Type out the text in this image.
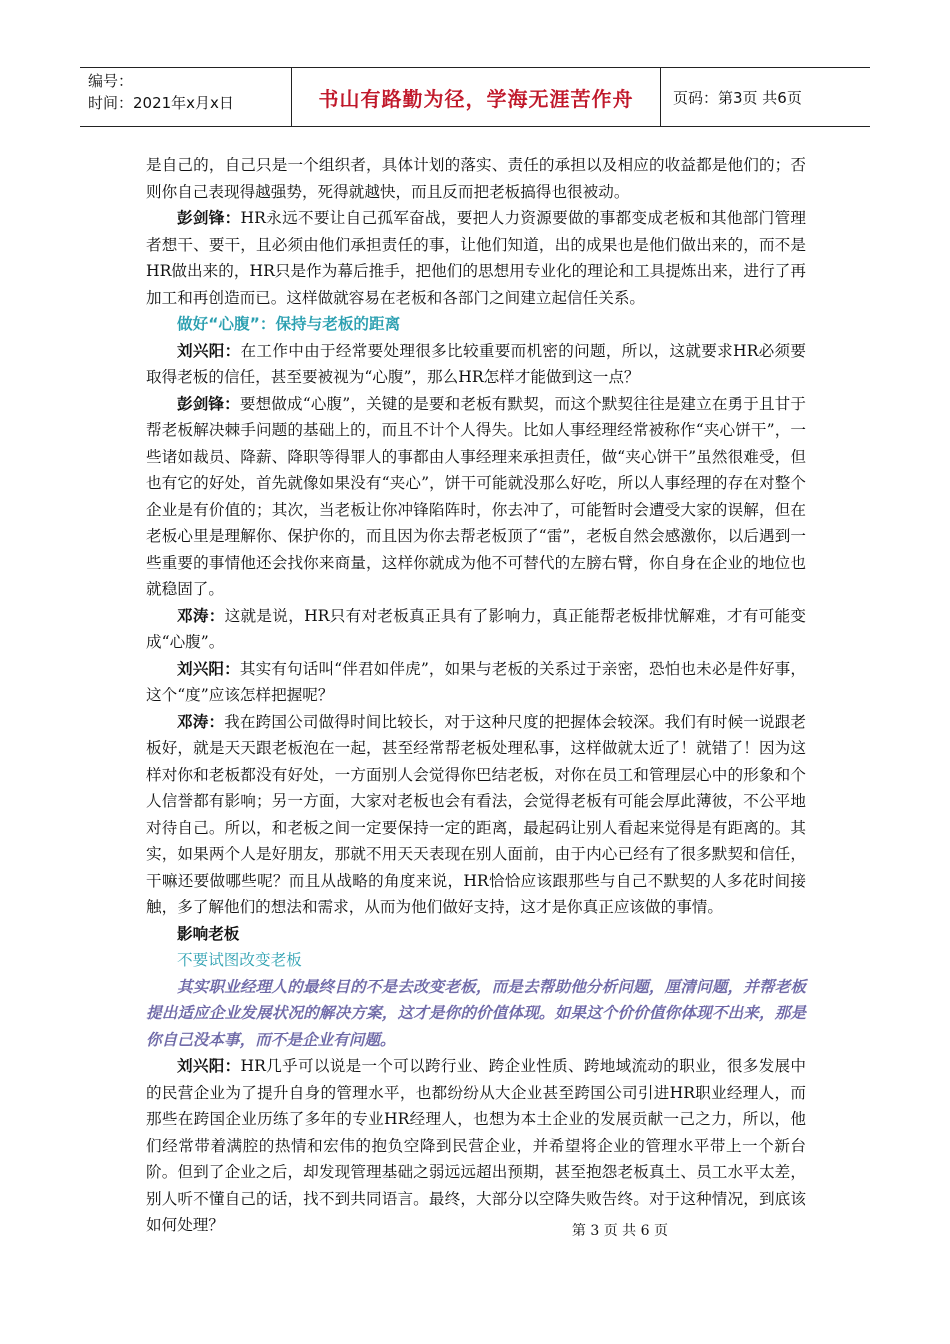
编号：
时间：2021年x月x日	书山有路勤为径，学海无涯苦作舟	页码：第3页 共6页

是自己的，自己只是一个组织者，具体计划的落实、责任的承担以及相应的收益都是他们的；否则你自己表现得越强势，死得就越快，而且反而把老板搞得也很被动。

彭剑锋：HR永远不要让自己孤军奋战，要把人力资源要做的事都变成老板和其他部门管理者想干、要干，且必须由他们承担责任的事，让他们知道，出的成果也是他们做出来的，而不是HR做出来的，HR只是作为幕后推手，把他们的思想用专业化的理论和工具提炼出来，进行了再加工和再创造而已。这样做就容易在老板和各部门之间建立起信任关系。

做好“心腹”：保持与老板的距离

刘兴阳：在工作中由于经常要处理很多比较重要而机密的问题，所以，这就要求HR必须要取得老板的信任，甚至要被视为“心腹”，那么HR怎样才能做到这一点？

彭剑锋：要想做成“心腹”，关键的是要和老板有默契，而这个默契往往是建立在勇于且甘于帮老板解决棘手问题的基础上的，而且不计个人得失。比如人事经理经常被称作“夹心饼干”，一些诸如裁员、降薪、降职等得罪人的事都由人事经理来承担责任，做“夹心饼干”虽然很难受，但也有它的好处，首先就像如果没有“夹心”，饼干可能就没那么好吃，所以人事经理的存在对整个企业是有价值的；其次，当老板让你冲锋陷阵时，你去冲了，可能暂时会遭受大家的误解，但在老板心里是理解你、保护你的，而且因为你去帮老板顶了“雷”，老板自然会感激你，以后遇到一些重要的事情他还会找你来商量，这样你就成为他不可替代的左膀右臂，你自身在企业的地位也就稳固了。

邓涛：这就是说，HR只有对老板真正具有了影响力，真正能帮老板排忧解难，才有可能变成“心腹”。

刘兴阳：其实有句话叫“伴君如伴虎”，如果与老板的关系过于亲密，恐怕也未必是件好事，这个“度”应该怎样把握呢？

邓涛：我在跨国公司做得时间比较长，对于这种尺度的把握体会较深。我们有时候一说跟老板好，就是天天跟老板泡在一起，甚至经常帮老板处理私事，这样做就太近了！就错了！因为这样对你和老板都没有好处，一方面别人会觉得你巴结老板，对你在员工和管理层心中的形象和个人信誉都有影响；另一方面，大家对老板也会有看法，会觉得老板有可能会厚此薄彼，不公平地对待自己。所以，和老板之间一定要保持一定的距离，最起码让别人看起来觉得是有距离的。其实，如果两个人是好朋友，那就不用天天表现在别人面前，由于内心已经有了很多默契和信任，干嘛还要做哪些呢？而且从战略的角度来说，HR恰恰应该跟那些与自己不默契的人多花时间接触，多了解他们的想法和需求，从而为他们做好支持，这才是你真正应该做的事情。

影响老板

不要试图改变老板

其实职业经理人的最终目的不是去改变老板，而是去帮助他分析问题，厘清问题，并帮老板提出适应企业发展状况的解决方案，这才是你的价值体现。如果这个价价值你体现不出来，那是你自己没本事，而不是企业有问题。

刘兴阳：HR几乎可以说是一个可以跨行业、跨企业性质、跨地域流动的职业，很多发展中的民营企业为了提升自身的管理水平，也都纷纷从大企业甚至跨国公司引进HR职业经理人，而那些在跨国企业历练了多年的专业HR经理人，也想为本土企业的发展贡献一己之力，所以，他们经常带着满腔的热情和宏伟的抱负空降到民营企业，并希望将企业的管理水平带上一个新台阶。但到了企业之后，却发现管理基础之弱远远超出预期，甚至抱怨老板真土、员工水平太差，别人听不懂自己的话，找不到共同语言。最终，大部分以空降失败告终。对于这种情况，到底该如何处理？	第 3 页 共 6 页
